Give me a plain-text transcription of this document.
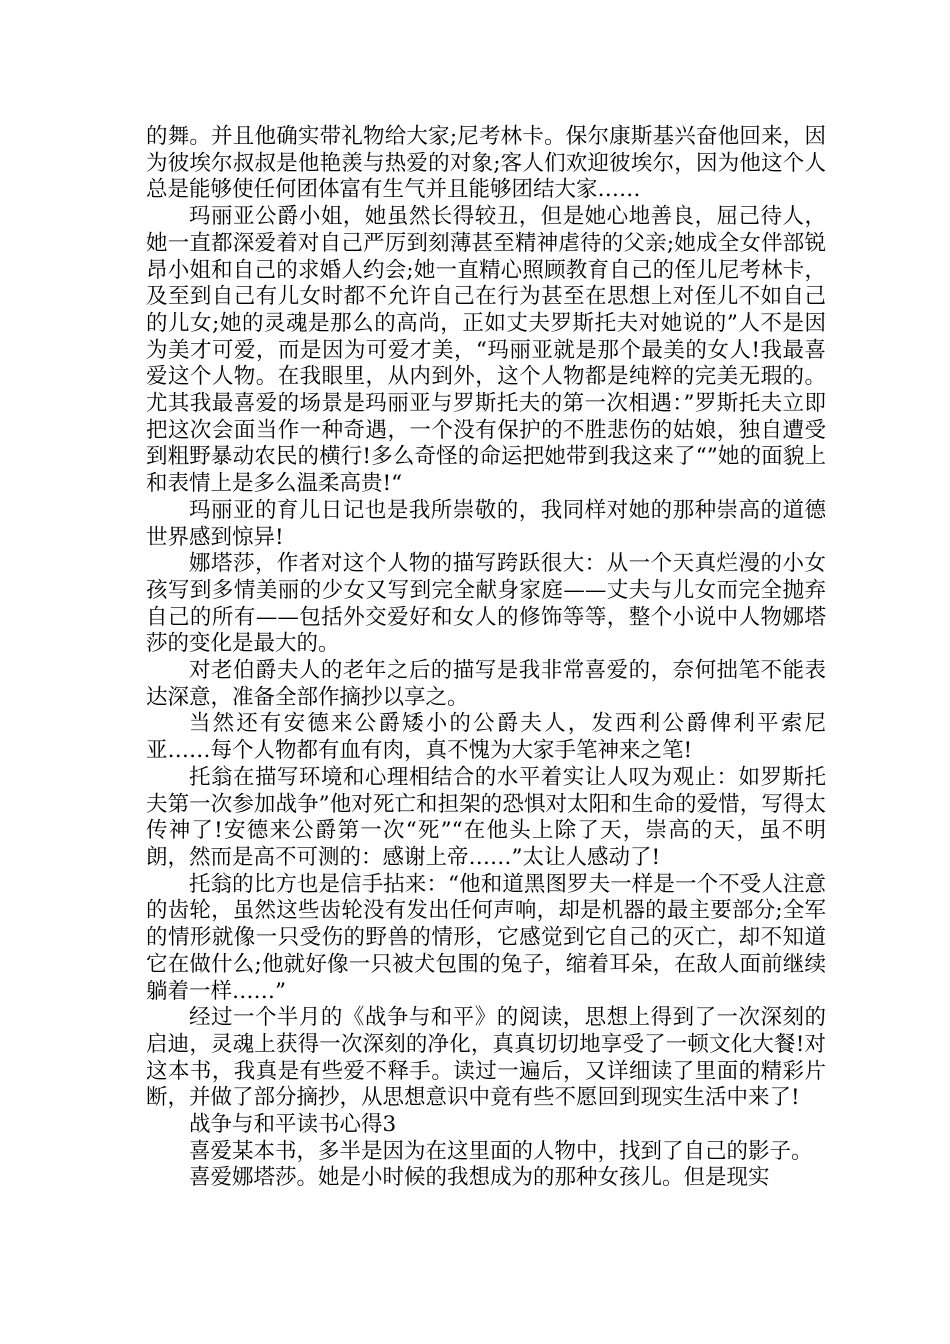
的舞。并且他确实带礼物给大家;尼考林卡。保尔康斯基兴奋他回来，因为彼埃尔叔叔是他艳羡与热爱的对象;客人们欢迎彼埃尔，因为他这个人总是能够使任何团体富有生气并且能够团结大家……

玛丽亚公爵小姐，她虽然长得较丑，但是她心地善良，屈己待人，她一直都深爱着对自己严厉到刻薄甚至精神虐待的父亲;她成全女伴部锐昂小姐和自己的求婚人约会;她一直精心照顾教育自己的侄儿尼考林卡，及至到自己有儿女时都不允许自己在行为甚至在思想上对侄儿不如自己的儿女;她的灵魂是那么的高尚，正如丈夫罗斯托夫对她说的”人不是因为美才可爱，而是因为可爱才美，“玛丽亚就是那个最美的女人!我最喜爱这个人物。在我眼里，从内到外，这个人物都是纯粹的完美无瑕的。尤其我最喜爱的场景是玛丽亚与罗斯托夫的第一次相遇：”罗斯托夫立即把这次会面当作一种奇遇，一个没有保护的不胜悲伤的姑娘，独自遭受到粗野暴动农民的横行!多么奇怪的命运把她带到我这来了“”她的面貌上和表情上是多么温柔高贵!“

玛丽亚的育儿日记也是我所崇敬的，我同样对她的那种崇高的道德世界感到惊异!

娜塔莎，作者对这个人物的描写跨跃很大：从一个天真烂漫的小女孩写到多情美丽的少女又写到完全献身家庭——丈夫与儿女而完全抛弃自己的所有——包括外交爱好和女人的修饰等等，整个小说中人物娜塔莎的变化是最大的。

对老伯爵夫人的老年之后的描写是我非常喜爱的，奈何拙笔不能表达深意，准备全部作摘抄以享之。

当然还有安德来公爵矮小的公爵夫人，发西利公爵俾利平索尼亚……每个人物都有血有肉，真不愧为大家手笔神来之笔!

托翁在描写环境和心理相结合的水平着实让人叹为观止：如罗斯托夫第一次参加战争”他对死亡和担架的恐惧对太阳和生命的爱惜，写得太传神了!安德来公爵第一次“死”“在他头上除了天，崇高的天，虽不明朗，然而是高不可测的：感谢上帝……”太让人感动了!

托翁的比方也是信手拈来：“他和道黑图罗夫一样是一个不受人注意的齿轮，虽然这些齿轮没有发出任何声响，却是机器的最主要部分;全军的情形就像一只受伤的野兽的情形，它感觉到它自己的灭亡，却不知道它在做什么;他就好像一只被犬包围的兔子，缩着耳朵，在敌人面前继续躺着一样……”

经过一个半月的《战争与和平》的阅读，思想上得到了一次深刻的启迪，灵魂上获得一次深刻的净化，真真切切地享受了一顿文化大餐!对这本书，我真是有些爱不释手。读过一遍后，又详细读了里面的精彩片断，并做了部分摘抄，从思想意识中竟有些不愿回到现实生活中来了!

战争与和平读书心得3

喜爱某本书，多半是因为在这里面的人物中，找到了自己的影子。

喜爱娜塔莎。她是小时候的我想成为的那种女孩儿。但是现实
